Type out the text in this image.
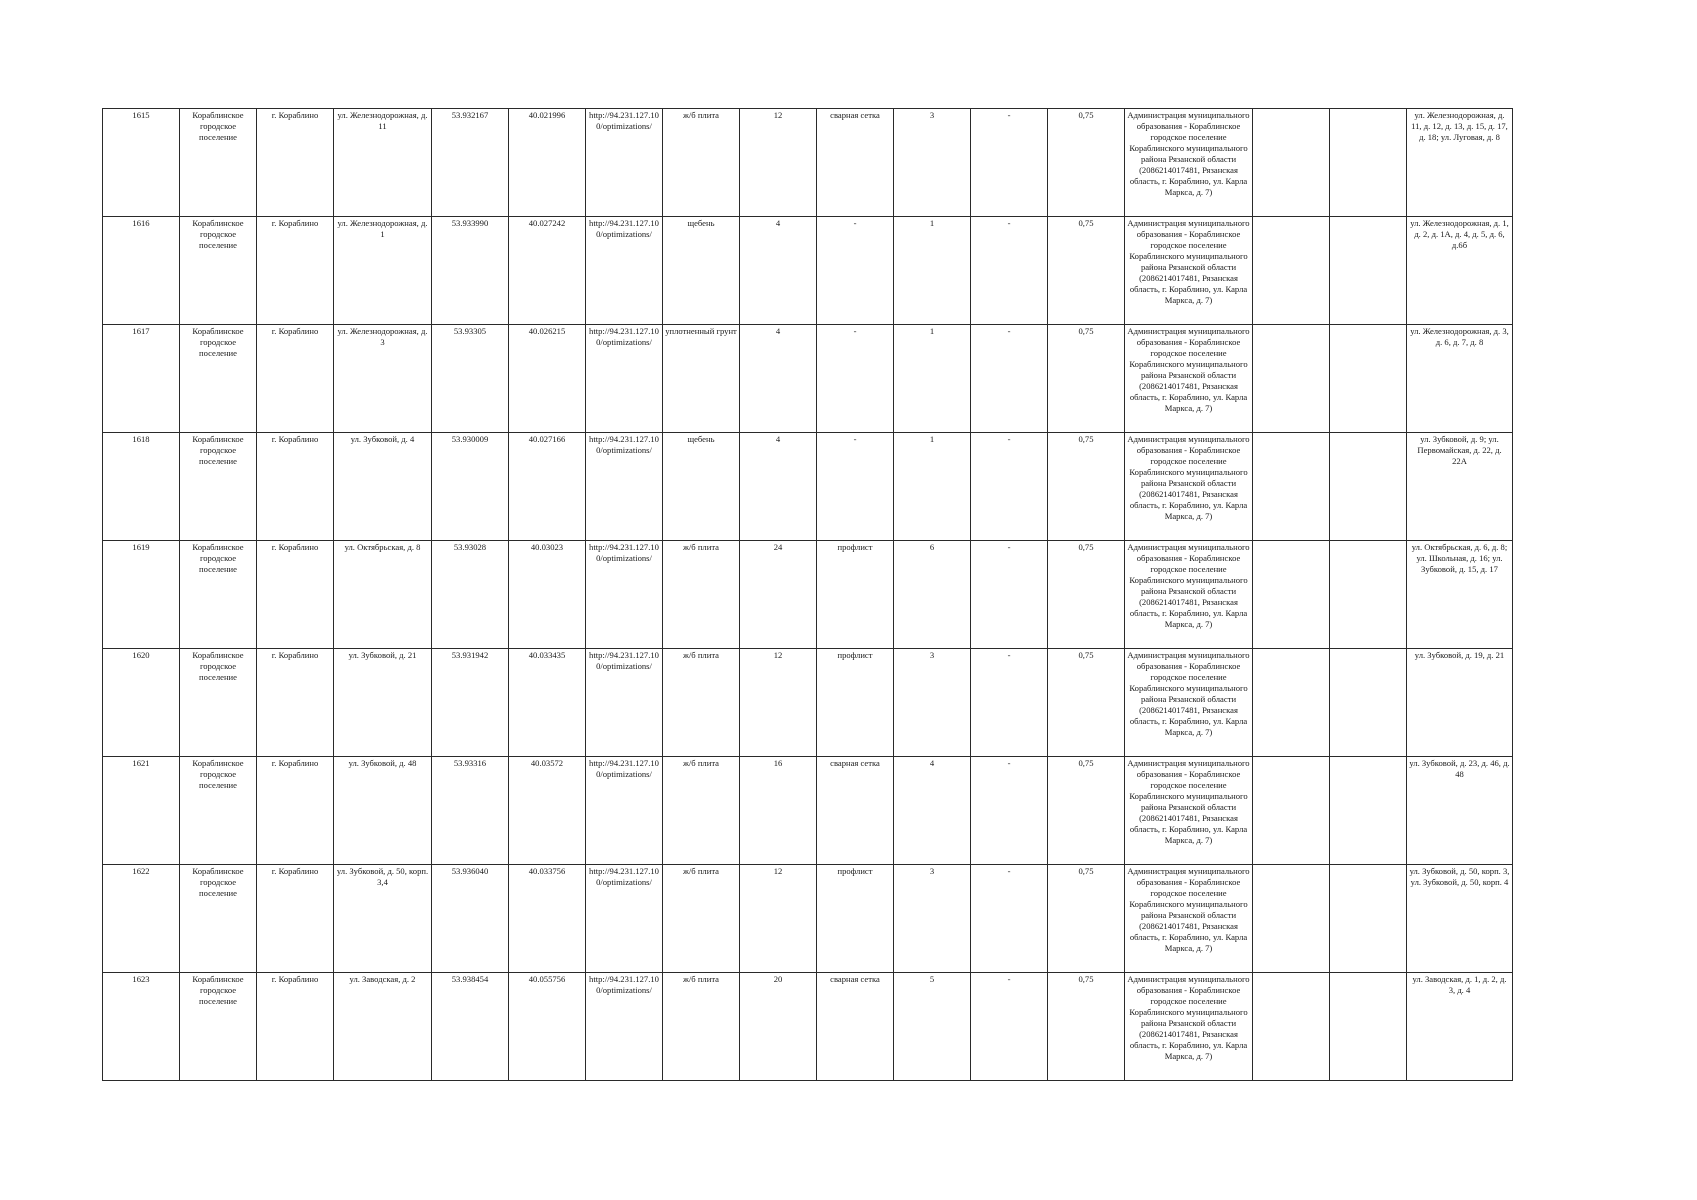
1615	Кораблинское городское поселение	г. Кораблино	ул. Железнодорожная, д. 11	53.932167	40.021996	http://94.231.127.10 0/optimizations/	ж/б плита	12	сварная сетка	3	-	0,75	Администрация муниципального образования - Кораблинское городское поселение Кораблинского муниципального района Рязанской области (2086214017481, Рязанская область, г. Кораблино, ул. Карла Маркса, д. 7)			ул. Железнодорожная, д. 11, д. 12, д. 13, д. 15, д. 17, д. 18; ул. Луговая, д. 8
1616	Кораблинское городское поселение	г. Кораблино	ул. Железнодорожная, д. 1	53.933990	40.027242	http://94.231.127.10 0/optimizations/	щебень	4	-	1	-	0,75	Администрация муниципального образования - Кораблинское городское поселение Кораблинского муниципального района Рязанской области (2086214017481, Рязанская область, г. Кораблино, ул. Карла Маркса, д. 7)			ул. Железнодорожная, д. 1, д. 2, д. 1А, д. 4, д. 5, д. 6, д.6б
1617	Кораблинское городское поселение	г. Кораблино	ул. Железнодорожная, д. 3	53.93305	40.026215	http://94.231.127.10 0/optimizations/	уплотненный грунт	4	-	1	-	0,75	Администрация муниципального образования - Кораблинское городское поселение Кораблинского муниципального района Рязанской области (2086214017481, Рязанская область, г. Кораблино, ул. Карла Маркса, д. 7)			ул. Железнодорожная, д. 3, д. 6, д. 7, д. 8
1618	Кораблинское городское поселение	г. Кораблино	ул. Зубковой, д. 4	53.930009	40.027166	http://94.231.127.10 0/optimizations/	щебень	4	-	1	-	0,75	Администрация муниципального образования - Кораблинское городское поселение Кораблинского муниципального района Рязанской области (2086214017481, Рязанская область, г. Кораблино, ул. Карла Маркса, д. 7)			ул. Зубковой, д. 9; ул. Первомайская, д. 22, д. 22А
1619	Кораблинское городское поселение	г. Кораблино	ул. Октябрьская, д. 8	53.93028	40.03023	http://94.231.127.10 0/optimizations/	ж/б плита	24	профлист	6	-	0,75	Администрация муниципального образования - Кораблинское городское поселение Кораблинского муниципального района Рязанской области (2086214017481, Рязанская область, г. Кораблино, ул. Карла Маркса, д. 7)			ул. Октябрьская, д. 6, д. 8; ул. Школьная, д. 16; ул. Зубковой, д. 15, д. 17
1620	Кораблинское городское поселение	г. Кораблино	ул. Зубковой, д. 21	53.931942	40.033435	http://94.231.127.10 0/optimizations/	ж/б плита	12	профлист	3	-	0,75	Администрация муниципального образования - Кораблинское городское поселение Кораблинского муниципального района Рязанской области (2086214017481, Рязанская область, г. Кораблино, ул. Карла Маркса, д. 7)			ул. Зубковой, д. 19, д. 21
1621	Кораблинское городское поселение	г. Кораблино	ул. Зубковой, д. 48	53.93316	40.03572	http://94.231.127.10 0/optimizations/	ж/б плита	16	сварная сетка	4	-	0,75	Администрация муниципального образования - Кораблинское городское поселение Кораблинского муниципального района Рязанской области (2086214017481, Рязанская область, г. Кораблино, ул. Карла Маркса, д. 7)			ул. Зубковой, д. 23, д. 46, д. 48
1622	Кораблинское городское поселение	г. Кораблино	ул. Зубковой, д. 50, корп. 3,4	53.936040	40.033756	http://94.231.127.10 0/optimizations/	ж/б плита	12	профлист	3	-	0,75	Администрация муниципального образования - Кораблинское городское поселение Кораблинского муниципального района Рязанской области (2086214017481, Рязанская область, г. Кораблино, ул. Карла Маркса, д. 7)			ул. Зубковой, д. 50, корп. 3, ул. Зубковой, д. 50, корп. 4
1623	Кораблинское городское поселение	г. Кораблино	ул. Заводская, д. 2	53.938454	40.055756	http://94.231.127.10 0/optimizations/	ж/б плита	20	сварная сетка	5	-	0,75	Администрация муниципального образования - Кораблинское городское поселение Кораблинского муниципального района Рязанской области (2086214017481, Рязанская область, г. Кораблино, ул. Карла Маркса, д. 7)			ул. Заводская, д. 1, д. 2, д. 3, д. 4
